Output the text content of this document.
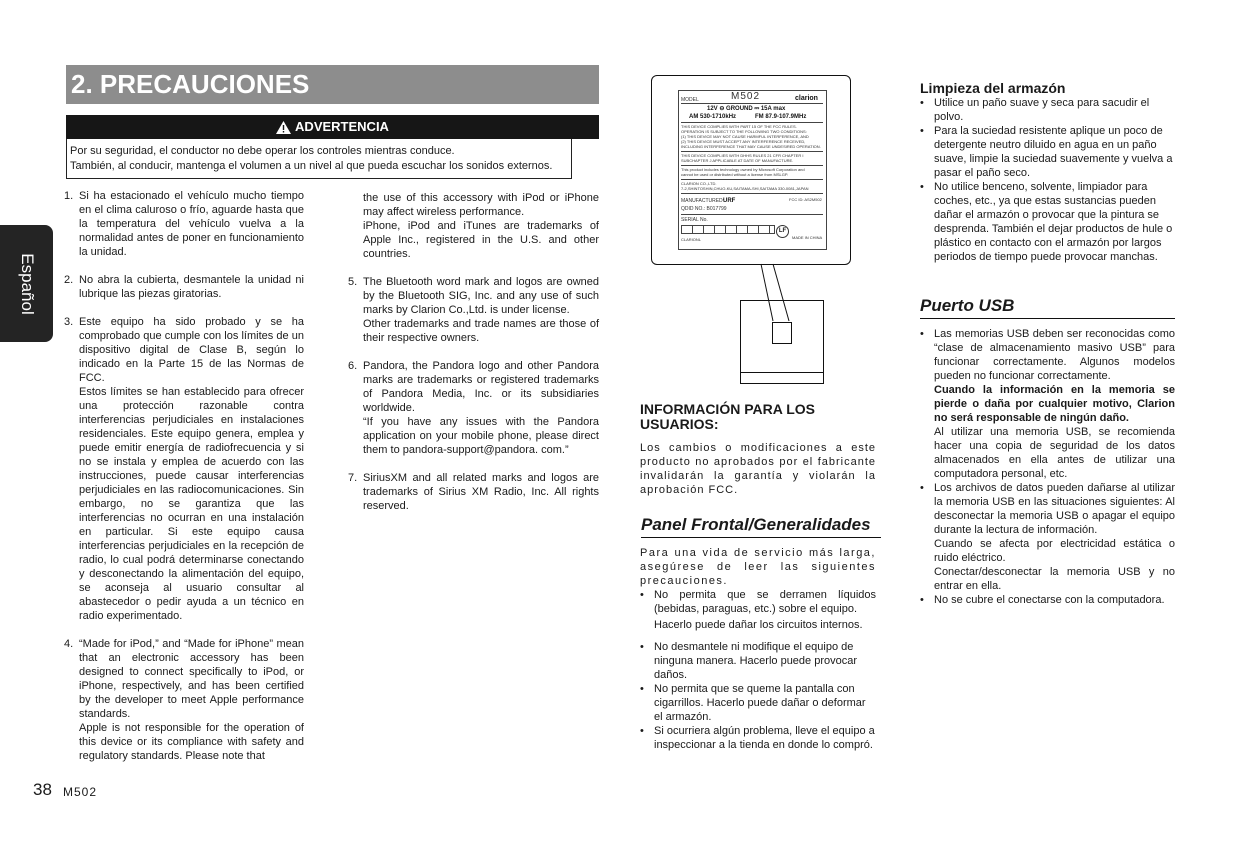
2. PRECAUCIONES
ADVERTENCIA
Por su seguridad, el conductor no debe operar los controles mientras conduce.
También, al conducir, mantenga el volumen a un nivel al que pueda escuchar los sonidos externos.
Español
1. Si ha estacionado el vehículo mucho tiempo en el clima caluroso o frío, aguarde hasta que la temperatura del vehículo vuelva a la normalidad antes de poner en funcionamiento la unidad.
2. No abra la cubierta, desmantele la unidad ni lubrique las piezas giratorias.
3. Este equipo ha sido probado y se ha comprobado que cumple con los límites de un dispositivo digital de Clase B, según lo indicado en la Parte 15 de las Normas de FCC.
Estos límites se han establecido para ofrecer una protección razonable contra interferencias perjudiciales en instalaciones residenciales. Este equipo genera, emplea y puede emitir energía de radiofrecuencia y si no se instala y emplea de acuerdo con las instrucciones, puede causar interferencias perjudiciales en las radiocomunicaciones. Sin embargo, no se garantiza que las interferencias no ocurran en una instalación en particular. Si este equipo causa interferencias perjudiciales en la recepción de radio, lo cual podrá determinarse conectando y desconectando la alimentación del equipo, se aconseja al usuario consultar al abastecedor o pedir ayuda a un técnico en radio experimentado.
4. “Made for iPod,” and “Made for iPhone” mean that an electronic accessory has been designed to connect specifically to iPod, or iPhone, respectively, and has been certified by the developer to meet Apple performance standards.
Apple is not responsible for the operation of this device or its compliance with safety and regulatory standards. Please note that
the use of this accessory with iPod or iPhone may affect wireless performance.
iPhone, iPod and iTunes are trademarks of Apple Inc., registered in the U.S. and other countries.
5. The Bluetooth word mark and logos are owned by the Bluetooth SIG, Inc. and any use of such marks by Clarion Co.,Ltd. is under license.
Other trademarks and trade names are those of their respective owners.
6. Pandora, the Pandora logo and other Pandora marks are trademarks or registered trademarks of Pandora Media, Inc. or its subsidiaries worldwide.
“If you have any issues with the Pandora application on your mobile phone, please direct them to pandora-support@pandora. com.”
7. SiriusXM and all related marks and logos are trademarks of Sirius XM Radio, Inc. All rights reserved.
MODEL	M502	clarion
12V ⊖ GROUND ⎓ 15A max
AM 530-1710kHz	FM 87.9-107.9MHz
THIS DEVICE COMPLIES WITH PART 15 OF THE FCC RULES.
OPERATION IS SUBJECT TO THE FOLLOWING TWO CONDITIONS:
(1) THIS DEVICE MAY NOT CAUSE HARMFUL INTERFERENCE, AND
(2) THIS DEVICE MUST ACCEPT ANY INTERFERENCE RECEIVED,
INCLUDING INTERFERENCE THAT MAY CAUSE UNDESIRED OPERATION.
THIS DEVICE COMPLIES WITH DHHS RULES 21 CFR CHAPTER I
SUBCHAPTER J APPLICABLE AT DATE OF MANUFACTURE.
This product includes technology owned by Microsoft Corporation and
cannot be used or distributed without a license from MSLGP.
CLARION CO.,LTD.
7-2,SHINTOSHIN,CHUO-KU,SAITAMA-SHI,SAITAMA 330-0081,JAPAN
MANUFACTURED:
URF	FCC ID: AS2M502
QDID NO.: B017799
SERIAL No.
CLARIONL
LF
MADE IN CHINA
INFORMACIÓN PARA LOS USUARIOS:
Los cambios o modificaciones a este producto no aprobados por el fabricante invalidarán la garantía y violarán la aprobación FCC.
Panel Frontal/Generalidades
Para una vida de servicio más larga, asegúrese de leer las siguientes precauciones.
• No permita que se derramen líquidos (bebidas, paraguas, etc.) sobre el equipo.
Hacerlo puede dañar los circuitos internos.
• No desmantele ni modifique el equipo de ninguna manera. Hacerlo puede provocar daños.
• No permita que se queme la pantalla con cigarrillos. Hacerlo puede dañar o deformar el armazón.
• Si ocurriera algún problema, lleve el equipo a inspeccionar a la tienda en donde lo compró.
Limpieza del armazón
• Utilice un paño suave y seca para sacudir el polvo.
• Para la suciedad resistente aplique un poco de detergente neutro diluido en agua en un paño suave, limpie la suciedad suavemente y vuelva a pasar el paño seco.
• No utilice benceno, solvente, limpiador para coches, etc., ya que estas sustancias pueden dañar el armazón o provocar que la pintura se desprenda. También el dejar productos de hule o plástico en contacto con el armazón por largos periodos de tiempo puede provocar manchas.
Puerto USB
• Las memorias USB deben ser reconocidas como “clase de almacenamiento masivo USB” para funcionar correctamente. Algunos modelos pueden no funcionar correctamente.
Cuando la información en la memoria se pierde o daña por cualquier motivo, Clarion no será responsable de ningún daño.
Al utilizar una memoria USB, se recomienda hacer una copia de seguridad de los datos almacenados en ella antes de utilizar una computadora personal, etc.
• Los archivos de datos pueden dañarse al utilizar la memoria USB en las situaciones siguientes: Al desconectar la memoria USB o apagar el equipo durante la lectura de información.
Cuando se afecta por electricidad estática o ruido eléctrico.
Conectar/desconectar la memoria USB y no entrar en ella.
• No se cubre el conectarse con la computadora.
38 M502
